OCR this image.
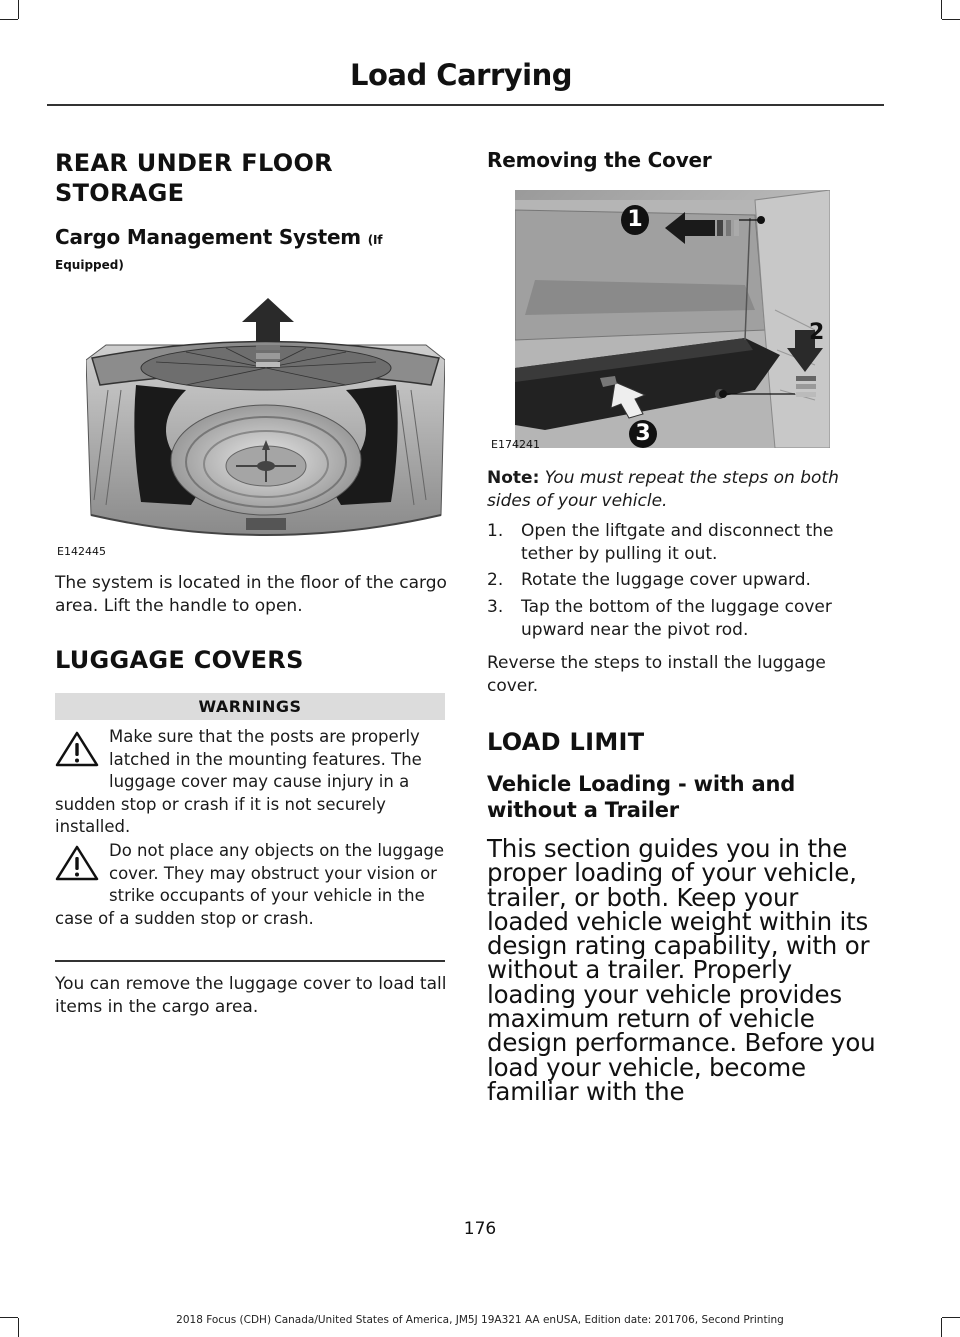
Load Carrying
REAR UNDER FLOOR
STORAGE
Cargo Management System (If
Equipped)
E142445
The system is located in the floor of the cargo area. Lift the handle to open.
LUGGAGE COVERS
WARNINGS
Make sure that the posts are properly latched in the mounting features. The luggage cover may cause injury in a sudden stop or crash if it is not securely installed.
Do not place any objects on the luggage cover. They may obstruct your vision or strike occupants of your vehicle in the case of a sudden stop or crash.
You can remove the luggage cover to load tall items in the cargo area.
Removing the Cover
1
2
3
E174241
Note: You must repeat the steps on both sides of your vehicle.
1.	Open the liftgate and disconnect the tether by pulling it out.
2.	Rotate the luggage cover upward.
3.	Tap the bottom of the luggage cover upward near the pivot rod.
Reverse the steps to install the luggage cover.
LOAD LIMIT
Vehicle Loading - with and without a Trailer
This section guides you in the proper loading of your vehicle, trailer, or both. Keep your loaded vehicle weight within its design rating capability, with or without a trailer. Properly loading your vehicle provides maximum return of vehicle design performance. Before you load your vehicle, become familiar with the
176
2018 Focus (CDH) Canada/United States of America, JM5J 19A321 AA enUSA, Edition date: 201706, Second Printing
